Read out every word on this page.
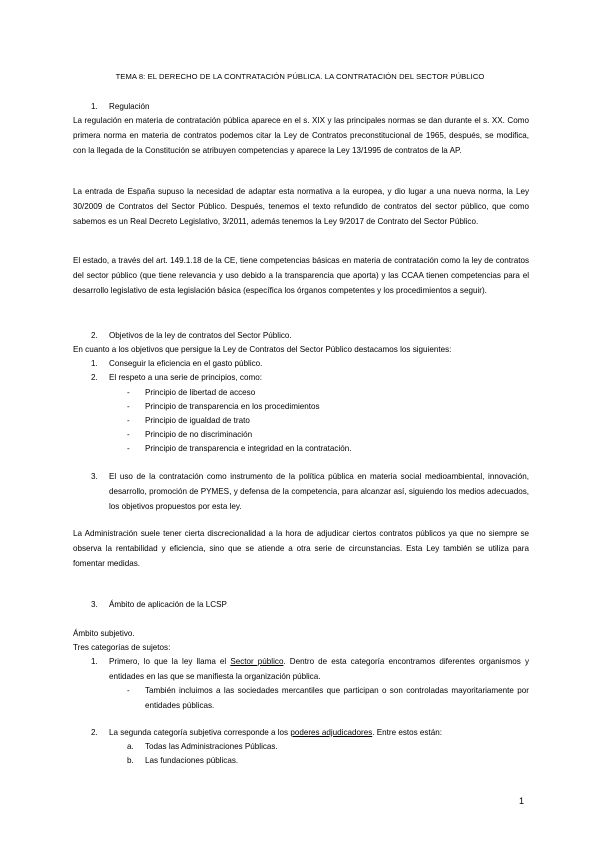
TEMA 8: EL DERECHO DE LA CONTRATACIÓN PÚBLICA. LA CONTRATACIÓN DEL SECTOR PÚBLICO
1. Regulación
La regulación en materia de contratación pública aparece en el s. XIX y las principales normas se dan durante el s. XX. Como primera norma en materia de contratos podemos citar la Ley de Contratos preconstitucional de 1965, después, se modifica, con la llegada de la Constitución se atribuyen competencias y aparece la Ley 13/1995 de contratos de la AP.
La entrada de España supuso la necesidad de adaptar esta normativa a la europea, y dio lugar a una nueva norma, la Ley 30/2009 de Contratos del Sector Público. Después, tenemos el texto refundido de contratos del sector público, que como sabemos es un Real Decreto Legislativo, 3/2011, además tenemos la Ley 9/2017 de Contrato del Sector Público.
El estado, a través del art. 149.1.18 de la CE, tiene competencias básicas en materia de contratación como la ley de contratos del sector público (que tiene relevancia y uso debido a la transparencia que aporta) y las CCAA tienen competencias para el desarrollo legislativo de esta legislación básica (específica los órganos competentes y los procedimientos a seguir).
2. Objetivos de la ley de contratos del Sector Público.
En cuanto a los objetivos que persigue la Ley de Contratos del Sector Público destacamos los siguientes:
1. Conseguir la eficiencia en el gasto público.
2. El respeto a una serie de principios, como:
- Principio de libertad de acceso
- Principio de transparencia en los procedimientos
- Principio de igualdad de trato
- Principio de no discriminación
- Principio de transparencia e integridad en la contratación.
3. El uso de la contratación como instrumento de la política pública en materia social medioambiental, innovación, desarrollo, promoción de PYMES, y defensa de la competencia, para alcanzar así, siguiendo los medios adecuados, los objetivos propuestos por esta ley.
La Administración suele tener cierta discrecionalidad a la hora de adjudicar ciertos contratos públicos ya que no siempre se observa la rentabilidad y eficiencia, sino que se atiende a otra serie de circunstancias. Esta Ley también se utiliza para fomentar medidas.
3. Ámbito de aplicación de la LCSP
Ámbito subjetivo.
Tres categorías de sujetos:
1. Primero, lo que la ley llama el Sector público. Dentro de esta categoría encontramos diferentes organismos y entidades en las que se manifiesta la organización pública.
- También incluimos a las sociedades mercantiles que participan o son controladas mayoritariamente por entidades públicas.
2. La segunda categoría subjetiva corresponde a los poderes adjudicadores. Entre estos están:
a. Todas las Administraciones Públicas.
b. Las fundaciones públicas.
1
